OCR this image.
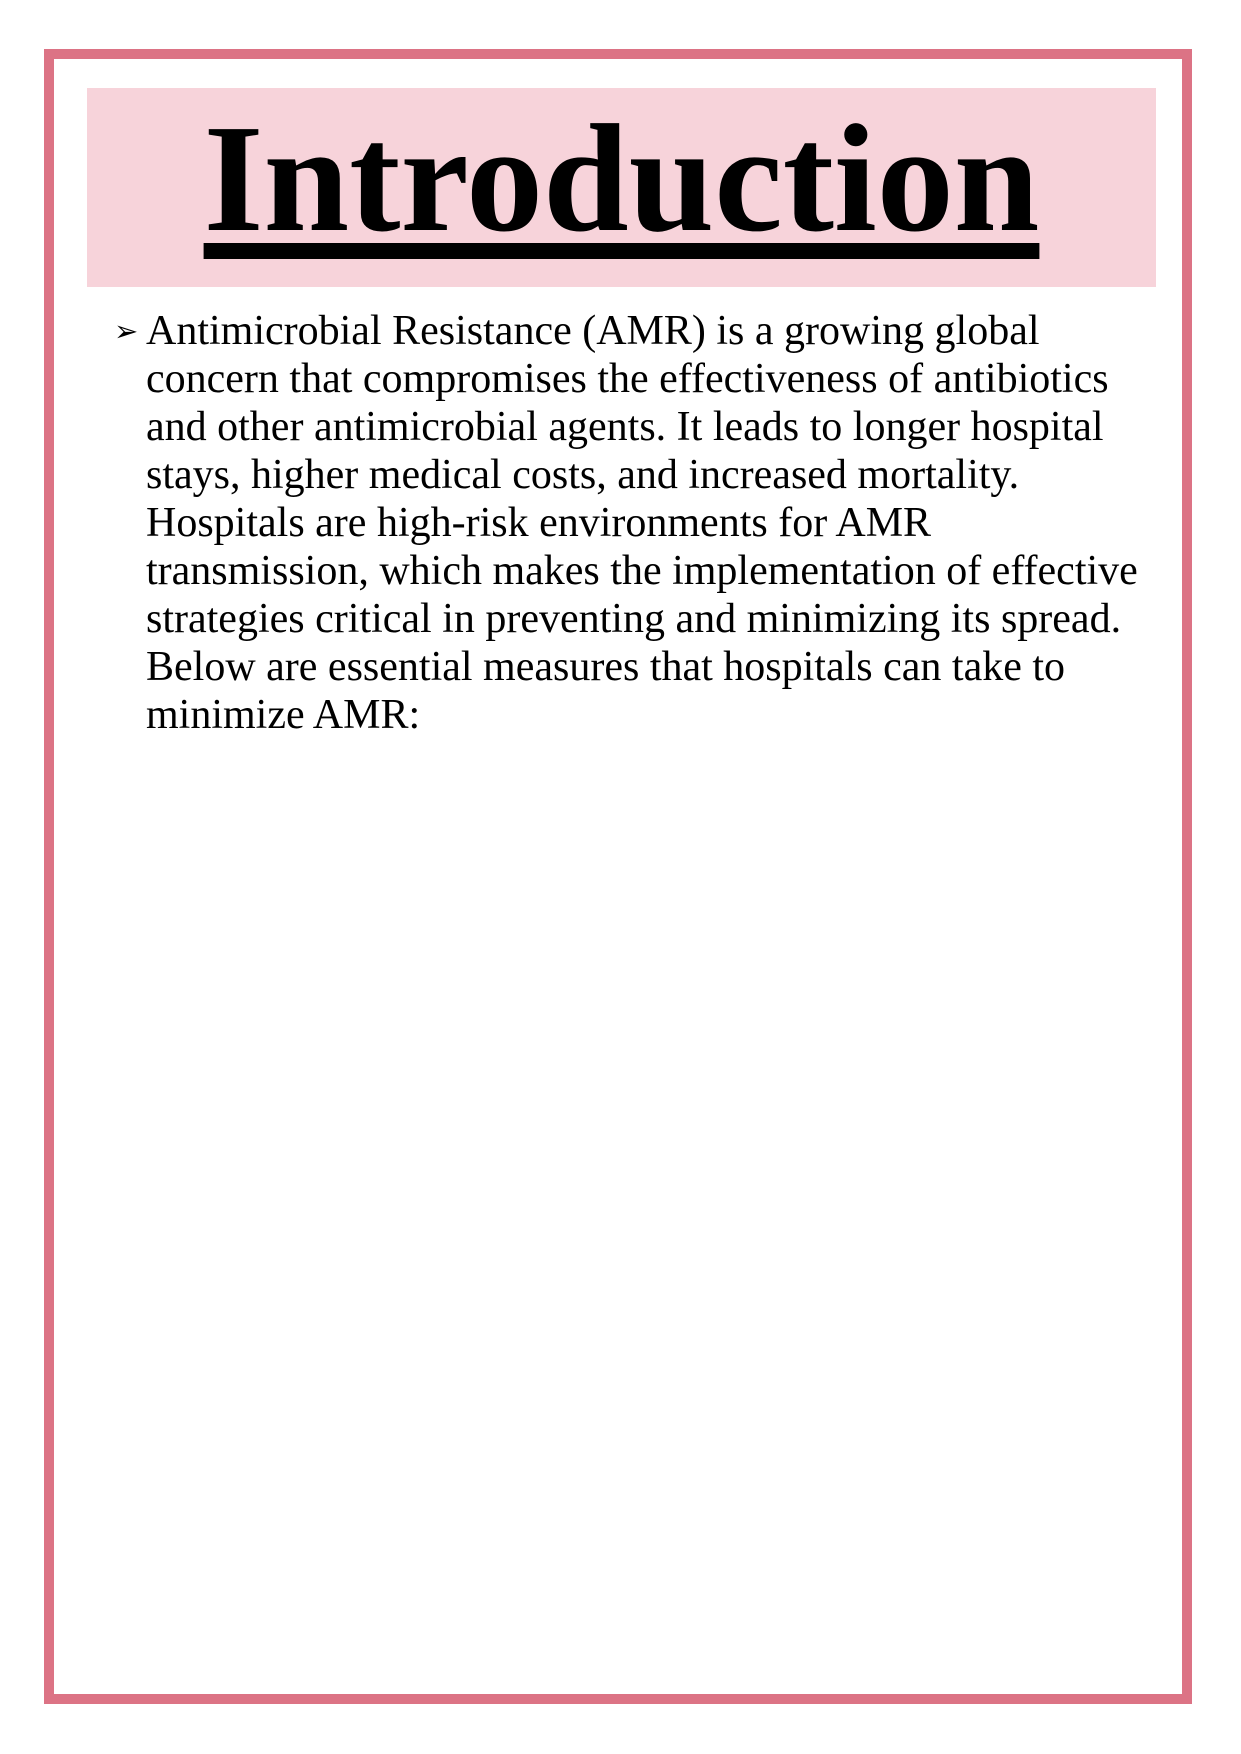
Introduction
➢ Antimicrobial Resistance (AMR) is a growing global concern that compromises the effectiveness of antibiotics and other antimicrobial agents. It leads to longer hospital stays, higher medical costs, and increased mortality. Hospitals are high-risk environments for AMR transmission, which makes the implementation of effective strategies critical in preventing and minimizing its spread. Below are essential measures that hospitals can take to minimize AMR:
